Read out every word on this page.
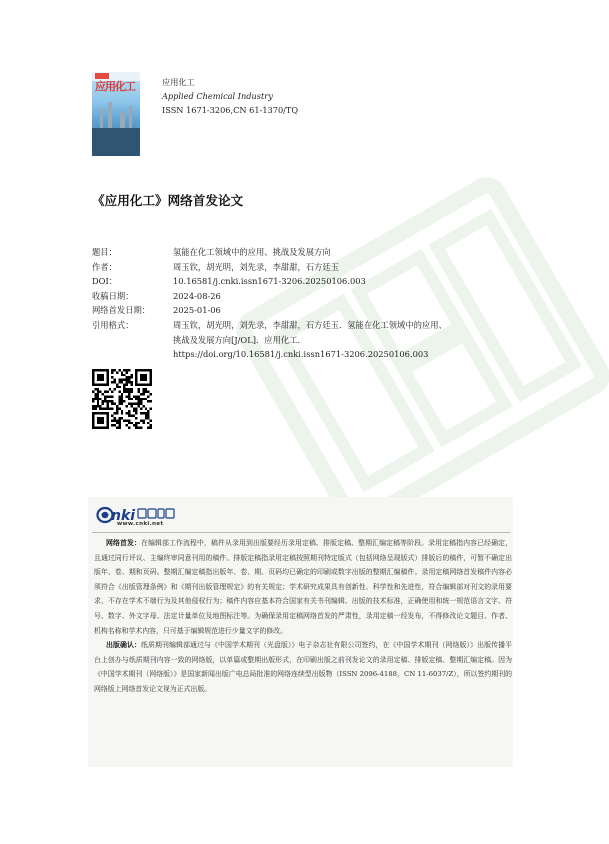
应用化工	应用化工
Applied Chemical Industry
ISSN 1671-3206,CN 61-1370/TQ
《应用化工》网络首发论文
题目：	氢能在化工领域中的应用、挑战及发展方向
作者：	周玉钦，胡光明，刘先录，李甜甜，石方廷玉
DOI：	10.16581/j.cnki.issn1671-3206.20250106.003
收稿日期：	2024-08-26
网络首发日期：	2025-01-06
引用格式：	周玉钦，胡光明，刘先录，李甜甜，石方廷玉．氢能在化工领域中的应用、
挑战及发展方向[J/OL]．应用化工．
https://doi.org/10.16581/j.cnki.issn1671-3206.20250106.003
nki
www.cnki.net

网络首发：在编辑部工作流程中，稿件从录用到出版要经历录用定稿、排版定稿、整期汇编定稿等阶段。录用定稿指内容已经确定，且通过同行评议、主编终审同意刊用的稿件。排版定稿指录用定稿按照期刊特定版式（包括网络呈现版式）排版后的稿件，可暂不确定出版年、卷、期和页码。整期汇编定稿指出版年、卷、期、页码均已确定的印刷或数字出版的整期汇编稿件。录用定稿网络首发稿件内容必须符合《出版管理条例》和《期刊出版管理规定》的有关规定；学术研究成果具有创新性、科学性和先进性，符合编辑部对刊文的录用要求，不存在学术不端行为及其他侵权行为；稿件内容应基本符合国家有关书刊编辑、出版的技术标准，正确使用和统一规范语言文字、符号、数字、外文字母、法定计量单位及地图标注等。为确保录用定稿网络首发的严肃性，录用定稿一经发布，不得修改论文题目、作者、机构名称和学术内容，只可基于编辑规范进行少量文字的修改。

出版确认：纸质期刊编辑部通过与《中国学术期刊（光盘版）》电子杂志社有限公司签约，在《中国学术期刊（网络版）》出版传播平台上创办与纸质期刊内容一致的网络版，以单篇或整期出版形式，在印刷出版之前刊发论文的录用定稿、排版定稿、整期汇编定稿。因为《中国学术期刊（网络版）》是国家新闻出版广电总局批准的网络连续型出版物（ISSN 2096-4188，CN 11-6037/Z），所以签约期刊的网络版上网络首发论文视为正式出版。
